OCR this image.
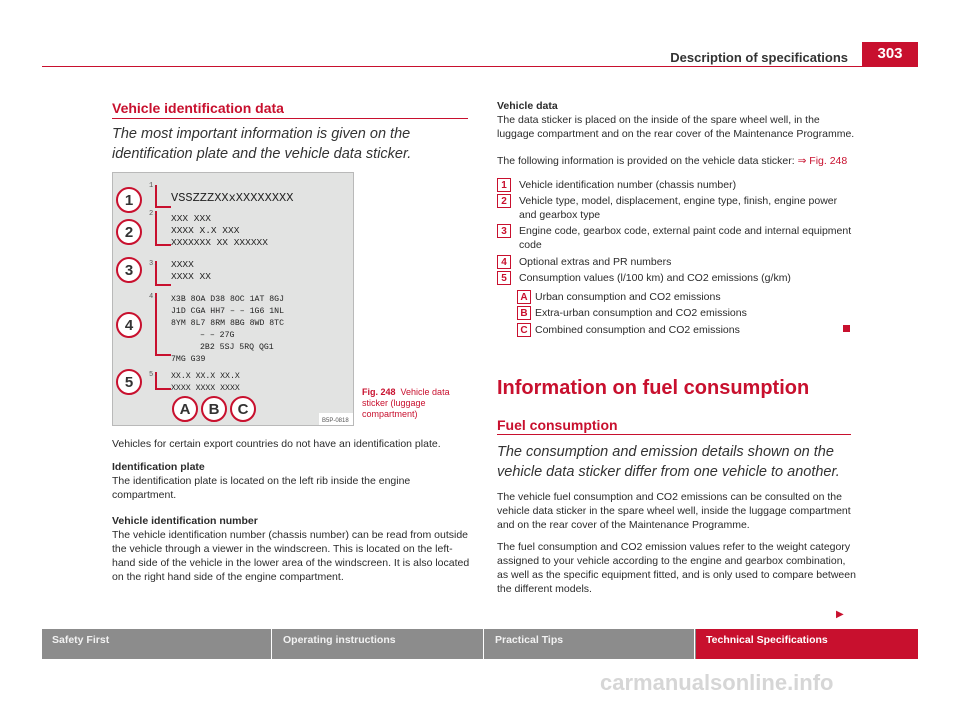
Description of specifications	303
Vehicle identification data
The most important information is given on the identification plate and the vehicle data sticker.
1
2
3
4
5
A B C
1.
2.
3.
4.
5.
VSSZZZXXxXXXXXXXX
XXX XXX
XXXX X.X XXX
XXXXXXX XX XXXXXX
XXXX
XXXX XX
X3B 8OA D38 8OC 1AT 8GJ
J1D CGA HH7 – – 1G6 1NL
8YM 8L7 8RM 8BG 8WD 8TC
– – 27G
2B2 5SJ 5RQ QG1
7MG G39
XX.X XX.X XX.X
XXXX XXXX XXXX
B5P-0818
Fig. 248 Vehicle data sticker (luggage compartment)
Vehicles for certain export countries do not have an identification plate.
Identification plate
The identification plate is located on the left rib inside the engine compartment.
Vehicle identification number
The vehicle identification number (chassis number) can be read from outside the vehicle through a viewer in the windscreen. This is located on the left-hand side of the vehicle in the lower area of the windscreen. It is also located on the right hand side of the engine compartment.
Vehicle data
The data sticker is placed on the inside of the spare wheel well, in the luggage compartment and on the rear cover of the Maintenance Programme.
The following information is provided on the vehicle data sticker: ⇒ Fig. 248
1	Vehicle identification number (chassis number)
2	Vehicle type, model, displacement, engine type, finish, engine power and gearbox type
3	Engine code, gearbox code, external paint code and internal equipment code
4	Optional extras and PR numbers
5	Consumption values (l/100 km) and CO2 emissions (g/km)
A Urban consumption and CO2 emissions
B Extra-urban consumption and CO2 emissions
C Combined consumption and CO2 emissions
Information on fuel consumption
Fuel consumption
The consumption and emission details shown on the vehicle data sticker differ from one vehicle to another.
The vehicle fuel consumption and CO2 emissions can be consulted on the vehicle data sticker in the spare wheel well, inside the luggage compartment and on the rear cover of the Maintenance Programme.
The fuel consumption and CO2 emission values refer to the weight category assigned to your vehicle according to the engine and gearbox combination, as well as the specific equipment fitted, and is only used to compare between the different models.
▶
Safety First	Operating instructions	Practical Tips	Technical Specifications
carmanualsonline.info
